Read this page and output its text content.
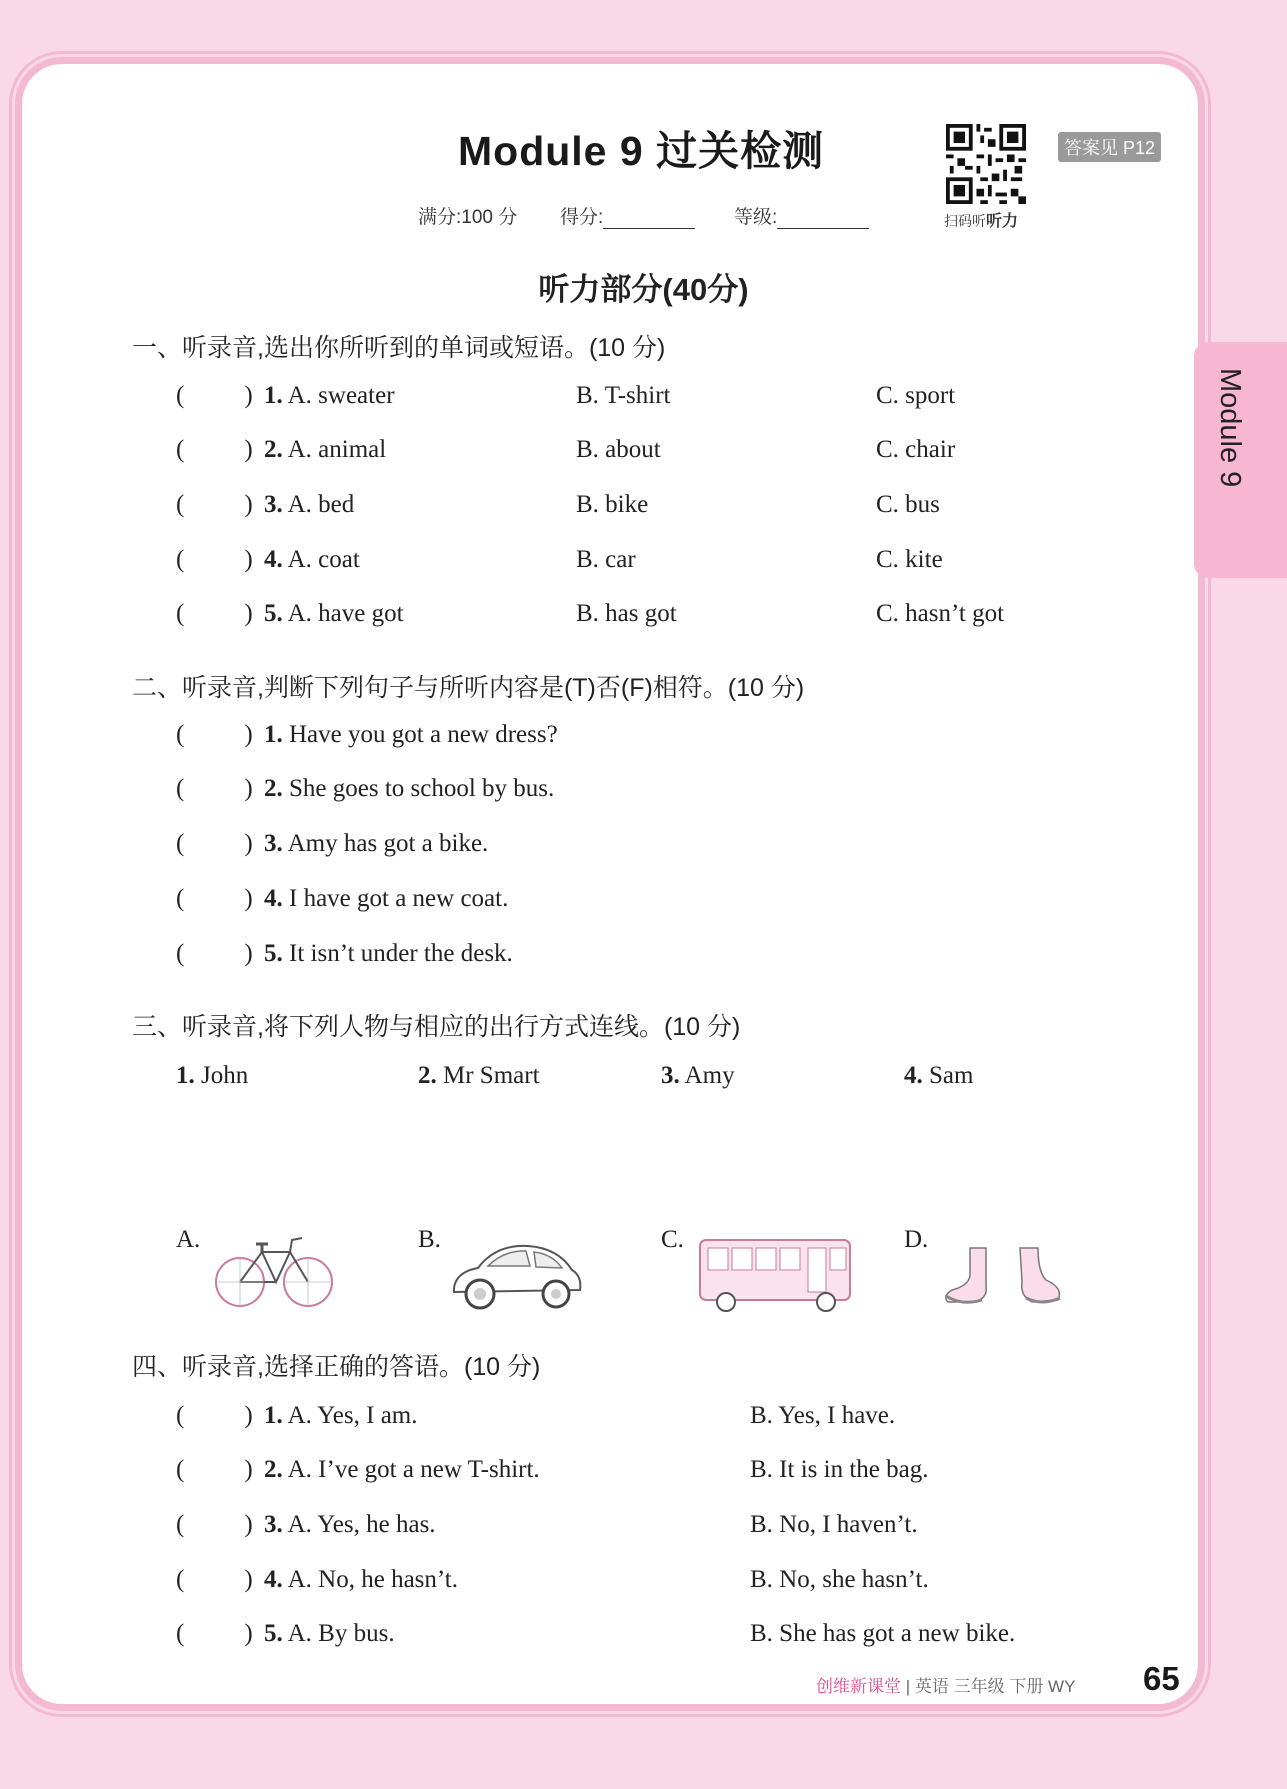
Module 9 过关检测
扫码听听力
答案见 P12
满分:100 分 得分:	等级:
Module 9
听力部分(40分)
一、听录音,选出你所听到的单词或短语。(10 分)
( ) 1. A. sweater	B. T-shirt	C. sport
( ) 2. A. animal	B. about	C. chair
( ) 3. A. bed	B. bike	C. bus
( ) 4. A. coat	B. car	C. kite
( ) 5. A. have got	B. has got	C. hasn’t got
二、听录音,判断下列句子与所听内容是(T)否(F)相符。(10 分)
( ) 1. Have you got a new dress?
( ) 2. She goes to school by bus.
( ) 3. Amy has got a bike.
( ) 4. I have got a new coat.
( ) 5. It isn’t under the desk.
三、听录音,将下列人物与相应的出行方式连线。(10 分)
1. John	2. Mr Smart	3. Amy	4. Sam
A.	B.	C.	D.
四、听录音,选择正确的答语。(10 分)
( ) 1. A. Yes, I am.	B. Yes, I have.
( ) 2. A. I’ve got a new T-shirt.	B. It is in the bag.
( ) 3. A. Yes, he has.	B. No, I haven’t.
( ) 4. A. No, he hasn’t.	B. No, she hasn’t.
( ) 5. A. By bus.	B. She has got a new bike.
创维新课堂 | 英语 三年级 下册 WY 65
